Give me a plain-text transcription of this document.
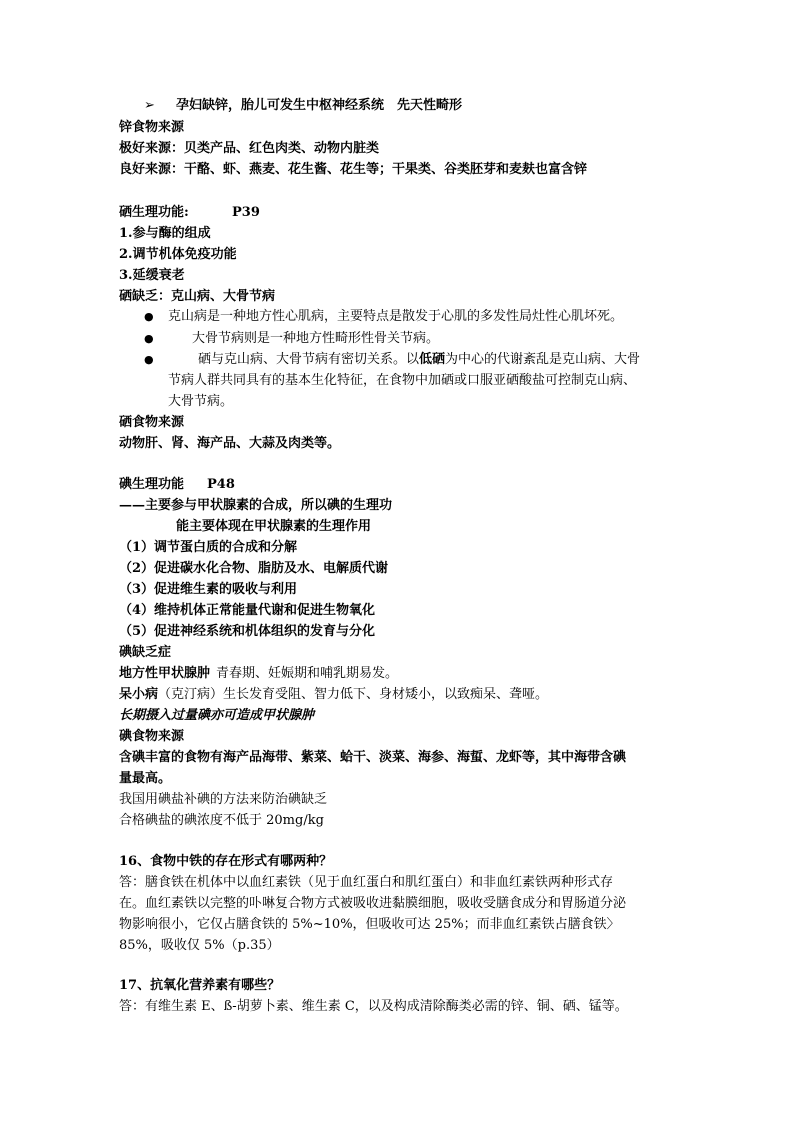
➢ 孕妇缺锌，胎儿可发生中枢神经系统　先天性畸形
锌食物来源
极好来源：贝类产品、红色肉类、动物内脏类
良好来源：干酪、虾、燕麦、花生酱、花生等；干果类、谷类胚芽和麦麸也富含锌
硒生理功能:	P39
1.参与酶的组成
2.调节机体免疫功能
3.延缓衰老
硒缺乏：克山病、大骨节病
● 克山病是一种地方性心肌病，主要特点是散发于心肌的多发性局灶性心肌坏死。
●	大骨节病则是一种地方性畸形性骨关节病。
●	硒与克山病、大骨节病有密切关系。以低硒为中心的代谢紊乱是克山病、大骨
节病人群共同具有的基本生化特征，在食物中加硒或口服亚硒酸盐可控制克山病、
大骨节病。
硒食物来源
动物肝、肾、海产品、大蒜及肉类等。
碘生理功能 P48
——主要参与甲状腺素的合成，所以碘的生理功
能主要体现在甲状腺素的生理作用
（1）调节蛋白质的合成和分解
（2）促进碳水化合物、脂肪及水、电解质代谢
（3）促进维生素的吸收与利用
（4）维持机体正常能量代谢和促进生物氧化
（5）促进神经系统和机体组织的发育与分化
碘缺乏症
地方性甲状腺肿 青春期、妊娠期和哺乳期易发。
呆小病（克汀病）生长发育受阻、智力低下、身材矮小，以致痴呆、聋哑。
长期摄入过量碘亦可造成甲状腺肿
碘食物来源
含碘丰富的食物有海产品海带、紫菜、蛤干、淡菜、海参、海蜇、龙虾等，其中海带含碘
量最高。
我国用碘盐补碘的方法来防治碘缺乏
合格碘盐的碘浓度不低于 20mg/kg
16、食物中铁的存在形式有哪两种？
答：膳食铁在机体中以血红素铁（见于血红蛋白和肌红蛋白）和非血红素铁两种形式存
在。血红素铁以完整的卟啉复合物方式被吸收进黏膜细胞，吸收受膳食成分和胃肠道分泌
物影响很小，它仅占膳食铁的 5%~10%，但吸收可达 25%；而非血红素铁占膳食铁〉
85%，吸收仅 5%（p.35）
17、抗氧化营养素有哪些？
答：有维生素 E、ß-胡萝卜素、维生素 C，以及构成清除酶类必需的锌、铜、硒、锰等。
